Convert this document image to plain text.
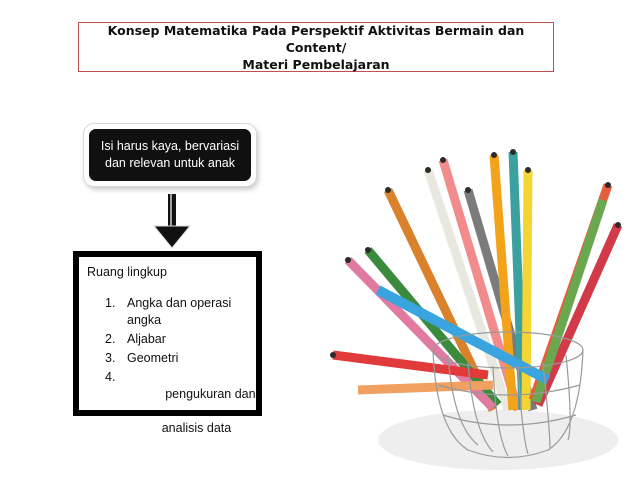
Konsep Matematika Pada Perspektif Aktivitas Bermain dan Content/
Materi Pembelajaran
Isi harus kaya, bervariasi
dan relevan untuk anak
Ruang lingkup
1. Angka dan operasi
angka
2. Aljabar
3. Geometri
4.

pengukuran dan

analisis data
